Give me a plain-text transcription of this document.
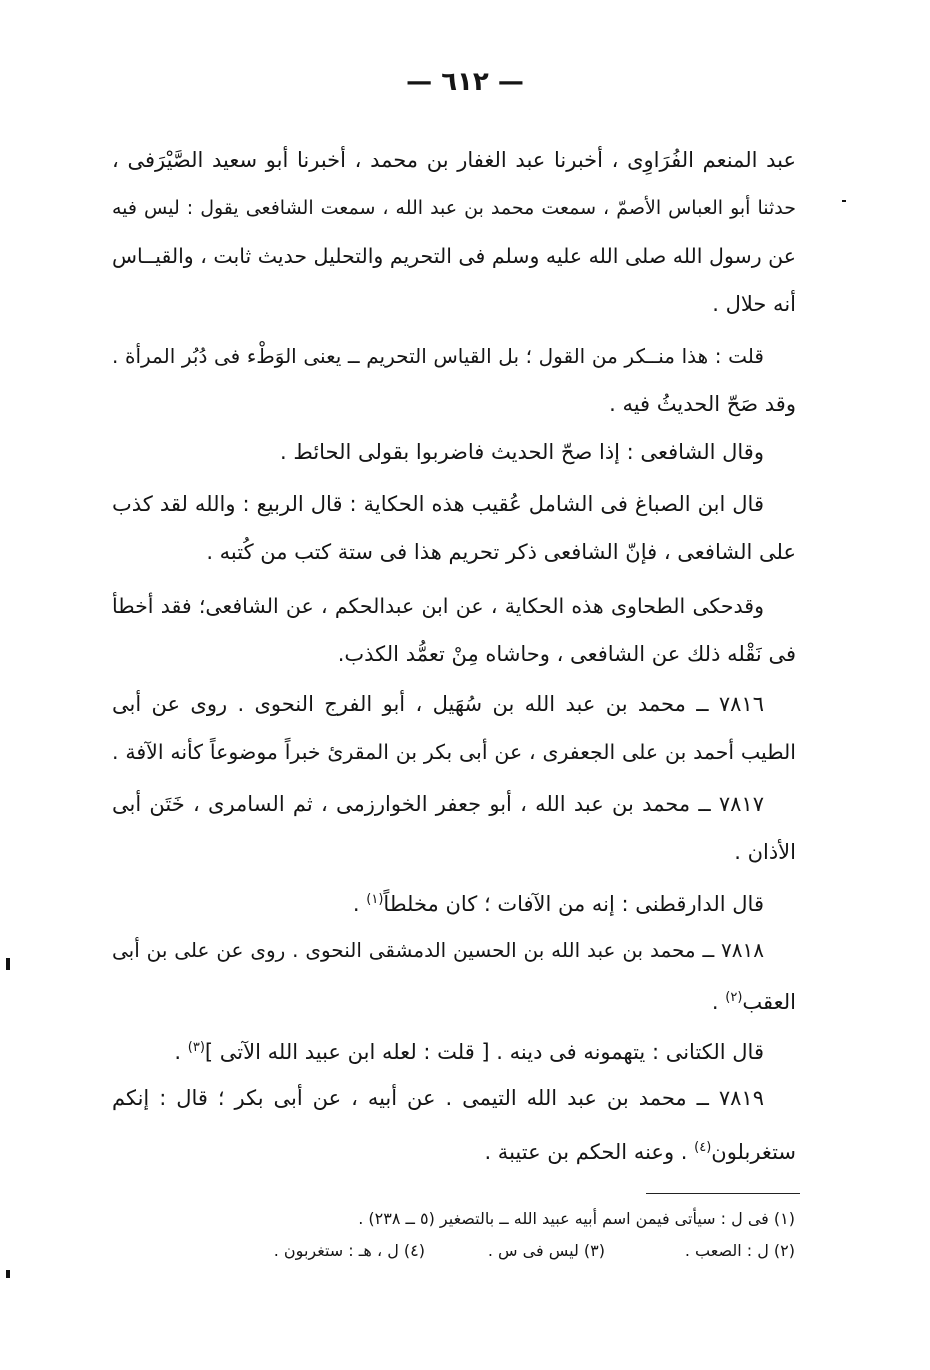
— ٦١٢ —
عبد المنعم الفُرَاوِى ، أخبرنا عبد الغفار بن محمد ، أخبرنا أبو سعيد الصَّيْرَفى ،
حدثنا أبو العباس الأصمّ ، سمعت محمد بن عبد الله ، سمعت الشافعى يقول : ليس فيه
عن رسول الله صلى الله عليه وسلم فى التحريم والتحليل حديث ثابت ، والقيــاس
أنه حلال .
قلت : هذا منــكر من القول ؛ بل القياس التحريم ــ يعنى الوَطْء فى دُبُر المرأة .
وقد صَحّ الحديثُ فيه .
وقال الشافعى : إذا صحّ الحديث فاضربوا بقولى الحائط .
قال ابن الصباغ فى الشامل عُقيب هذه الحكاية : قال الربيع : والله لقد كذب
على الشافعى ، فإنّ الشافعى ذكر تحريم هذا فى ستة كتب من كُتبه .
وقدحكى الطحاوى هذه الحكاية ، عن ابن عبدالحكم ، عن الشافعى؛ فقد أخطأ
فى نَقْله ذلك عن الشافعى ، وحاشاه مِنْ تعمُّد الكذب.
٧٨١٦ ــ محمد بن عبد الله بن سُهَيل ، أبو الفرج النحوى . روى عن أبى
الطيب أحمد بن على الجعفرى ، عن أبى بكر بن المقرئ خبراً موضوعاً كأنه الآفة .
٧٨١٧ ــ محمد بن عبد الله ، أبو جعفر الخوارزمى ، ثم السامرى ، خَتَن أبى
الأذان .
قال الدارقطنى : إنه من الآفات ؛ كان مخلطاً$^{(١)}$ .
٧٨١٨ ــ محمد بن عبد الله بن الحسين الدمشقى النحوى . روى عن على بن أبى
العقب$^{(٢)}$ .
قال الكتانى : يتهمونه فى دينه . [ قلت : لعله ابن عبيد الله الآتى ]$^{(٣)}$ .
٧٨١٩ ــ محمد بن عبد الله التيمى . عن أبيه ، عن أبى بكر ؛ قال : إنكم
ستغربلون$^{(٤)}$ . وعنه الحكم بن عتيبة .
(١) فى ل : سيأتى فيمن اسم أبيه عبيد الله ــ بالتصغير (٥ ــ ٢٣٨) .
(٢) ل : الصعب .
(٣) ليس فى س .
(٤) ل ، هـ : ستغربون .
